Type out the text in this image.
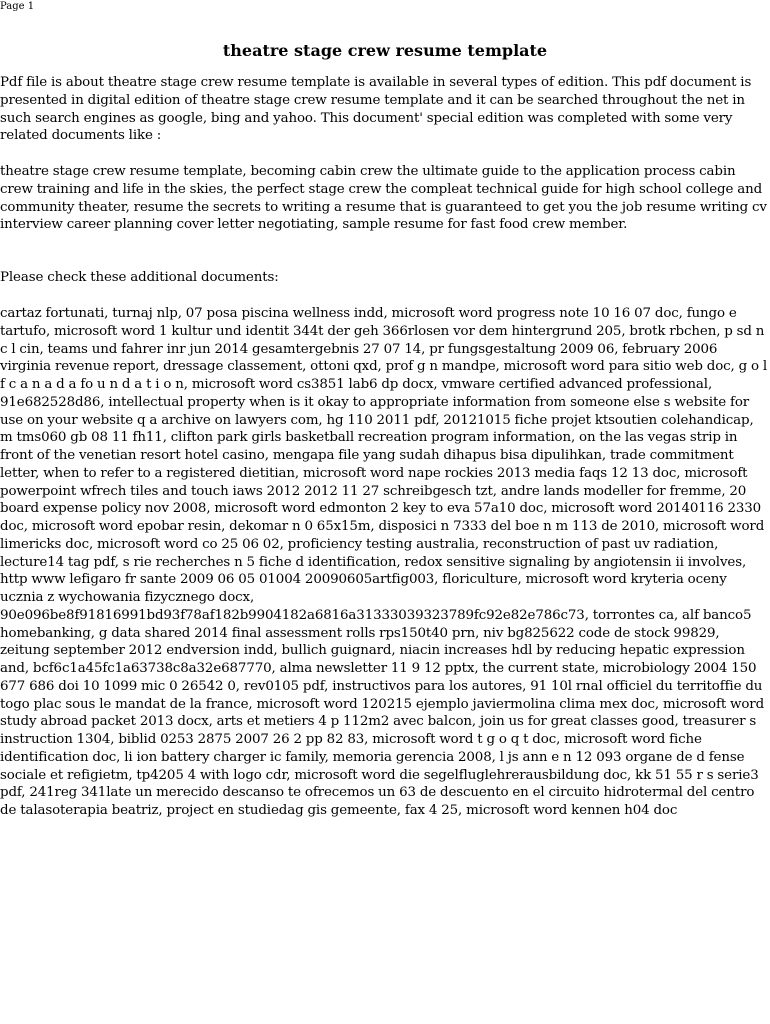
Page 1
theatre stage crew resume template

Pdf file is about theatre stage crew resume template is available in several types of edition. This pdf document is presented in digital edition of theatre stage crew resume template and it can be searched throughout the net in such search engines as google, bing and yahoo. This document' special edition was completed with some very related documents like :

theatre stage crew resume template, becoming cabin crew the ultimate guide to the application process cabin crew training and life in the skies, the perfect stage crew the compleat technical guide for high school college and community theater, resume the secrets to writing a resume that is guaranteed to get you the job resume writing cv interview career planning cover letter negotiating, sample resume for fast food crew member.

Please check these additional documents:

cartaz fortunati, turnaj nlp, 07 posa piscina wellness indd, microsoft word progress note 10 16 07 doc, fungo e tartufo, microsoft word 1 kultur und identit 344t der geh 366rlosen vor dem hintergrund 205, brotk rbchen, p sd n c l cin, teams und fahrer inr jun 2014 gesamtergebnis 27 07 14, pr fungsgestaltung 2009 06, february 2006 virginia revenue report, dressage classement, ottoni qxd, prof g n mandpe, microsoft word para sitio web doc, g o l f c a n a d a fo u n d a t i o n, microsoft word cs3851 lab6 dp docx, vmware certified advanced professional, 91e682528d86, intellectual property when is it okay to appropriate information from someone else s website for use on your website q a archive on lawyers com, hg 110 2011 pdf, 20121015 fiche projet ktsoutien colehandicap, m tms060 gb 08 11 fh11, clifton park girls basketball recreation program information, on the las vegas strip in front of the venetian resort hotel casino, mengapa file yang sudah dihapus bisa dipulihkan, trade commitment letter, when to refer to a registered dietitian, microsoft word nape rockies 2013 media faqs 12 13 doc, microsoft powerpoint wfrech tiles and touch iaws 2012 2012 11 27 schreibgesch tzt, andre lands modeller for fremme, 20 board expense policy nov 2008, microsoft word edmonton 2 key to eva 57a10 doc, microsoft word 20140116 2330 doc, microsoft word epobar resin, dekomar n 0 65x15m, disposici n 7333 del boe n m 113 de 2010, microsoft word limericks doc, microsoft word co 25 06 02, proficiency testing australia, reconstruction of past uv radiation, lecture14 tag pdf, s rie recherches n 5 fiche d identification, redox sensitive signaling by angiotensin ii involves, http www lefigaro fr sante 2009 06 05 01004 20090605artfig003, floriculture, microsoft word kryteria oceny ucznia z wychowania fizycznego docx, 90e096be8f91816991bd93f78af182b9904182a6816a31333039323789fc92e82e786c73, torrontes ca, alf banco5 homebanking, g data shared 2014 final assessment rolls rps150t40 prn, niv bg825622 code de stock 99829, zeitung september 2012 endversion indd, bullich guignard, niacin increases hdl by reducing hepatic expression and, bcf6c1a45fc1a63738c8a32e687770, alma newsletter 11 9 12 pptx, the current state, microbiology 2004 150 677 686 doi 10 1099 mic 0 26542 0, rev0105 pdf, instructivos para los autores, 91 10l rnal officiel du territoffie du togo plac sous le mandat de la france, microsoft word 120215 ejemplo javiermolina clima mex doc, microsoft word study abroad packet 2013 docx, arts et metiers 4 p 112m2 avec balcon, join us for great classes good, treasurer s instruction 1304, biblid 0253 2875 2007 26 2 pp 82 83, microsoft word t g o q t doc, microsoft word fiche identification doc, li ion battery charger ic family, memoria gerencia 2008, l js ann e n 12 093 organe de d fense sociale et refigietm, tp4205 4 with logo cdr, microsoft word die segelfluglehrerausbildung doc, kk 51 55 r s serie3 pdf, 241reg 341late un merecido descanso te ofrecemos un 63 de descuento en el circuito hidrotermal del centro de talasoterapia beatriz, project en studiedag gis gemeente, fax 4 25, microsoft word kennen h04 doc
